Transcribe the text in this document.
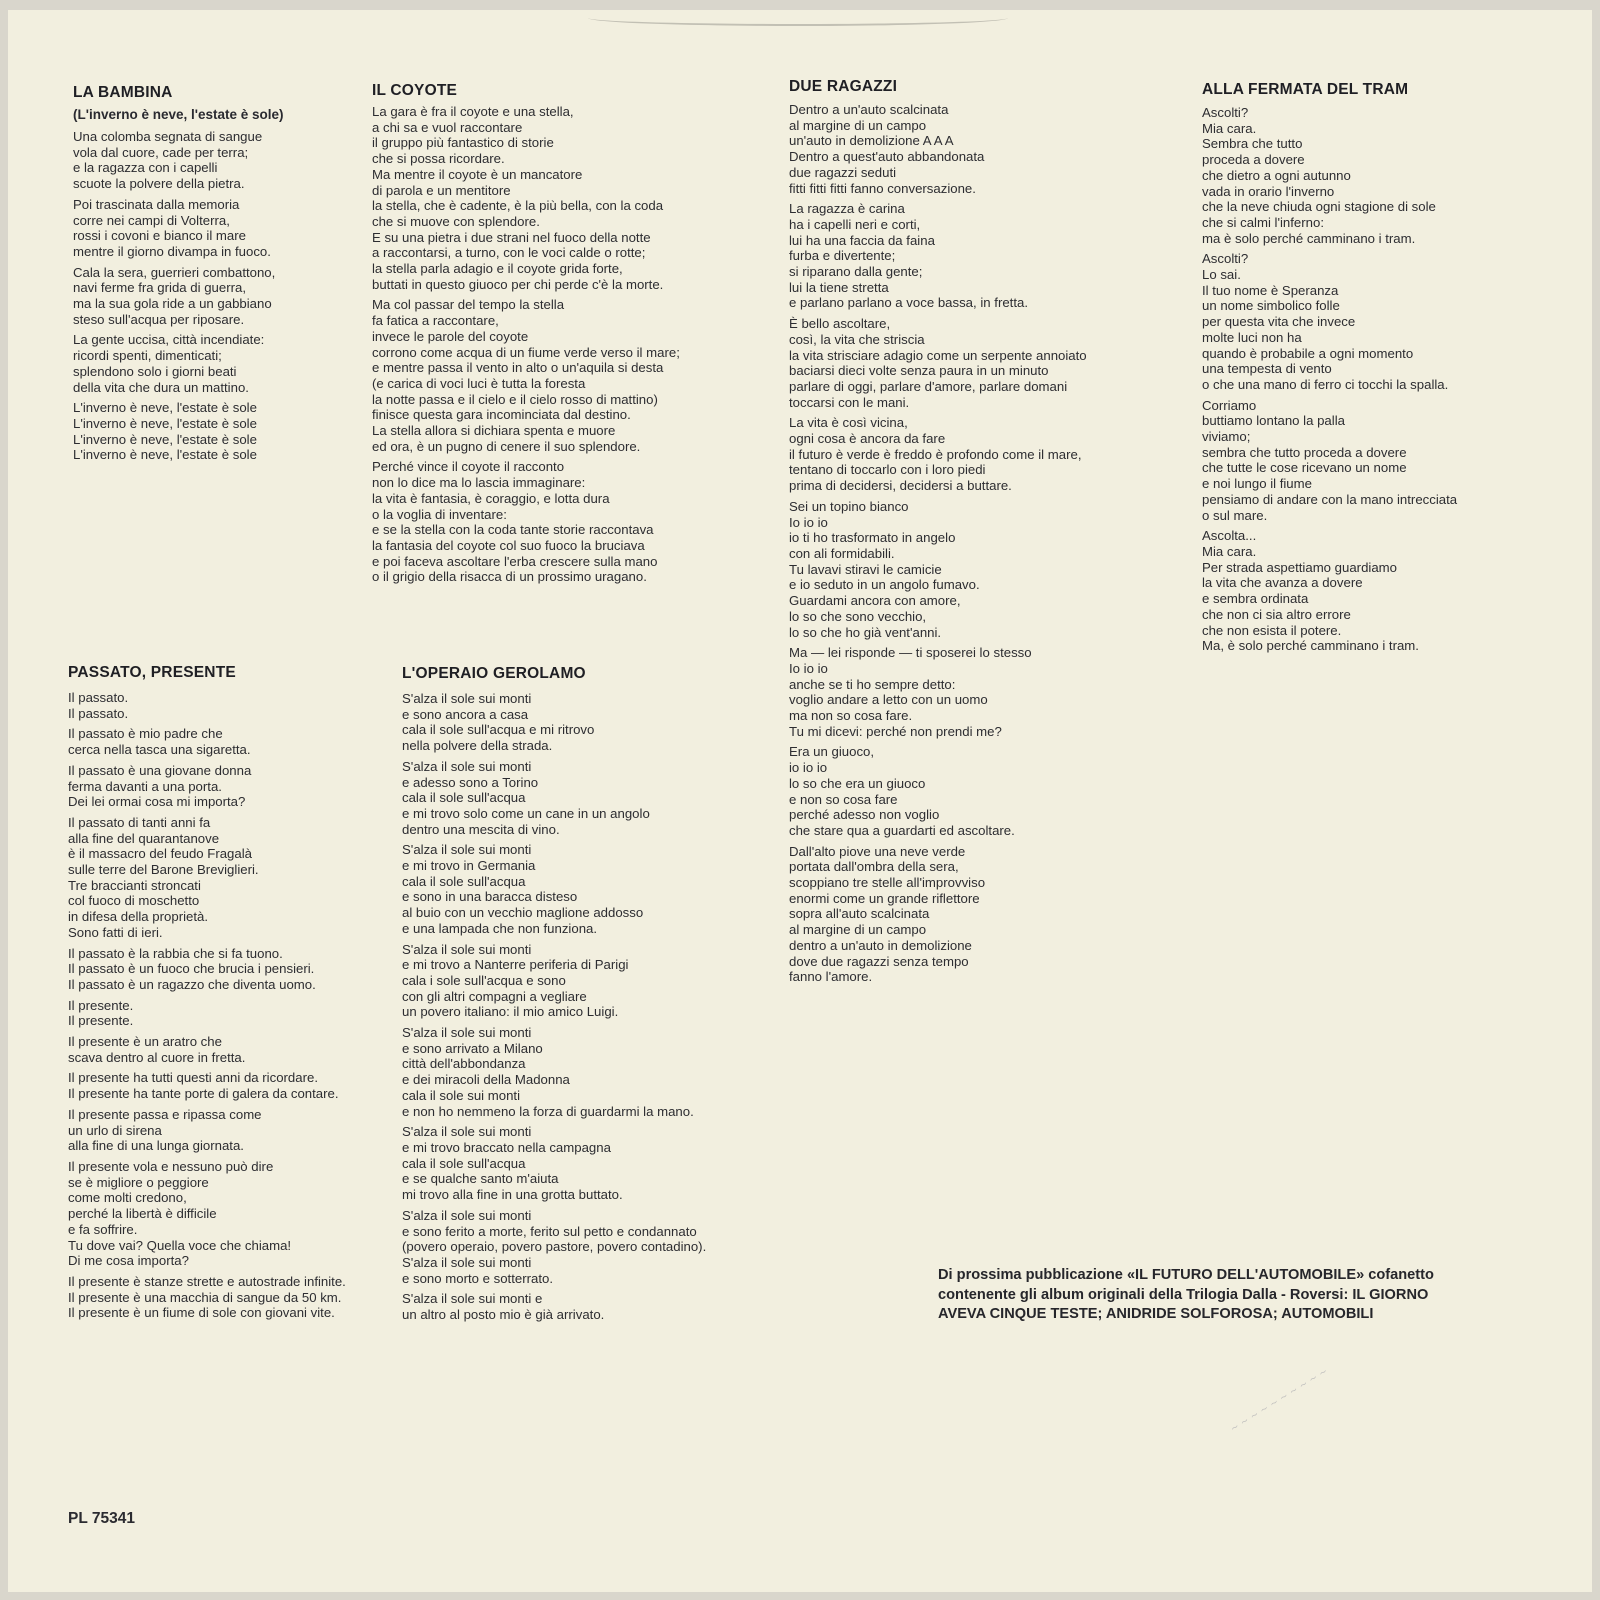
LA BAMBINA
(L'inverno è neve, l'estate è sole)
Una colomba segnata di sangue
vola dal cuore, cade per terra;
e la ragazza con i capelli
scuote la polvere della pietra.
Poi trascinata dalla memoria
corre nei campi di Volterra,
rossi i covoni e bianco il mare
mentre il giorno divampa in fuoco.
Cala la sera, guerrieri combattono,
navi ferme fra grida di guerra,
ma la sua gola ride a un gabbiano
steso sull'acqua per riposare.
La gente uccisa, città incendiate:
ricordi spenti, dimenticati;
splendono solo i giorni beati
della vita che dura un mattino.
L'inverno è neve, l'estate è sole
L'inverno è neve, l'estate è sole
L'inverno è neve, l'estate è sole
L'inverno è neve, l'estate è sole
IL COYOTE
La gara è fra il coyote e una stella,
a chi sa e vuol raccontare
il gruppo più fantastico di storie
che si possa ricordare.
Ma mentre il coyote è un mancatore
di parola e un mentitore
la stella, che è cadente, è la più bella, con la coda
che si muove con splendore.
E su una pietra i due strani nel fuoco della notte
a raccontarsi, a turno, con le voci calde o rotte;
la stella parla adagio e il coyote grida forte,
buttati in questo giuoco per chi perde c'è la morte.
Ma col passar del tempo la stella
fa fatica a raccontare,
invece le parole del coyote
corrono come acqua di un fiume verde verso il mare;
e mentre passa il vento in alto o un'aquila si desta
(e carica di voci luci è tutta la foresta
la notte passa e il cielo e il cielo rosso di mattino)
finisce questa gara incominciata dal destino.
La stella allora si dichiara spenta e muore
ed ora, è un pugno di cenere il suo splendore.
Perché vince il coyote il racconto
non lo dice ma lo lascia immaginare:
la vita è fantasia, è coraggio, e lotta dura
o la voglia di inventare:
e se la stella con la coda tante storie raccontava
la fantasia del coyote col suo fuoco la bruciava
e poi faceva ascoltare l'erba crescere sulla mano
o il grigio della risacca di un prossimo uragano.
DUE RAGAZZI
Dentro a un'auto scalcinata
al margine di un campo
un'auto in demolizione A A A
Dentro a quest'auto abbandonata
due ragazzi seduti
fitti fitti fitti fanno conversazione.
La ragazza è carina
ha i capelli neri e corti,
lui ha una faccia da faina
furba e divertente;
si riparano dalla gente;
lui la tiene stretta
e parlano parlano a voce bassa, in fretta.
È bello ascoltare,
così, la vita che striscia
la vita strisciare adagio come un serpente annoiato
baciarsi dieci volte senza paura in un minuto
parlare di oggi, parlare d'amore, parlare domani
toccarsi con le mani.
La vita è così vicina,
ogni cosa è ancora da fare
il futuro è verde è freddo è profondo come il mare,
tentano di toccarlo con i loro piedi
prima di decidersi, decidersi a buttare.
Sei un topino bianco
Io io io
io ti ho trasformato in angelo
con ali formidabili.
Tu lavavi stiravi le camicie
e io seduto in un angolo fumavo.
Guardami ancora con amore,
lo so che sono vecchio,
lo so che ho già vent'anni.
Ma — lei risponde — ti sposerei lo stesso
Io io io
anche se ti ho sempre detto:
voglio andare a letto con un uomo
ma non so cosa fare.
Tu mi dicevi: perché non prendi me?
Era un giuoco,
io io io
lo so che era un giuoco
e non so cosa fare
perché adesso non voglio
che stare qua a guardarti ed ascoltare.
Dall'alto piove una neve verde
portata dall'ombra della sera,
scoppiano tre stelle all'improvviso
enormi come un grande riflettore
sopra all'auto scalcinata
al margine di un campo
dentro a un'auto in demolizione
dove due ragazzi senza tempo
fanno l'amore.
ALLA FERMATA DEL TRAM
Ascolti?
Mia cara.
Sembra che tutto
proceda a dovere
che dietro a ogni autunno
vada in orario l'inverno
che la neve chiuda ogni stagione di sole
che si calmi l'inferno:
ma è solo perché camminano i tram.
Ascolti?
Lo sai.
Il tuo nome è Speranza
un nome simbolico folle
per questa vita che invece
molte luci non ha
quando è probabile a ogni momento
una tempesta di vento
o che una mano di ferro ci tocchi la spalla.
Corriamo
buttiamo lontano la palla
viviamo;
sembra che tutto proceda a dovere
che tutte le cose ricevano un nome
e noi lungo il fiume
pensiamo di andare con la mano intrecciata
o sul mare.
Ascolta...
Mia cara.
Per strada aspettiamo guardiamo
la vita che avanza a dovere
e sembra ordinata
che non ci sia altro errore
che non esista il potere.
Ma, è solo perché camminano i tram.
PASSATO, PRESENTE
Il passato.
Il passato.
Il passato è mio padre che
cerca nella tasca una sigaretta.
Il passato è una giovane donna
ferma davanti a una porta.
Dei lei ormai cosa mi importa?
Il passato di tanti anni fa
alla fine del quarantanove
è il massacro del feudo Fragalà
sulle terre del Barone Breviglieri.
Tre braccianti stroncati
col fuoco di moschetto
in difesa della proprietà.
Sono fatti di ieri.
Il passato è la rabbia che si fa tuono.
Il passato è un fuoco che brucia i pensieri.
Il passato è un ragazzo che diventa uomo.
Il presente.
Il presente.
Il presente è un aratro che
scava dentro al cuore in fretta.
Il presente ha tutti questi anni da ricordare.
Il presente ha tante porte di galera da contare.
Il presente passa e ripassa come
un urlo di sirena
alla fine di una lunga giornata.
Il presente vola e nessuno può dire
se è migliore o peggiore
come molti credono,
perché la libertà è difficile
e fa soffrire.
Tu dove vai? Quella voce che chiama!
Di me cosa importa?
Il presente è stanze strette e autostrade infinite.
Il presente è una macchia di sangue da 50 km.
Il presente è un fiume di sole con giovani vite.
L'OPERAIO GEROLAMO
S'alza il sole sui monti
e sono ancora a casa
cala il sole sull'acqua e mi ritrovo
nella polvere della strada.
S'alza il sole sui monti
e adesso sono a Torino
cala il sole sull'acqua
e mi trovo solo come un cane in un angolo
dentro una mescita di vino.
S'alza il sole sui monti
e mi trovo in Germania
cala il sole sull'acqua
e sono in una baracca disteso
al buio con un vecchio maglione addosso
e una lampada che non funziona.
S'alza il sole sui monti
e mi trovo a Nanterre periferia di Parigi
cala i sole sull'acqua e sono
con gli altri compagni a vegliare
un povero italiano: il mio amico Luigi.
S'alza il sole sui monti
e sono arrivato a Milano
città dell'abbondanza
e dei miracoli della Madonna
cala il sole sui monti
e non ho nemmeno la forza di guardarmi la mano.
S'alza il sole sui monti
e mi trovo braccato nella campagna
cala il sole sull'acqua
e se qualche santo m'aiuta
mi trovo alla fine in una grotta buttato.
S'alza il sole sui monti
e sono ferito a morte, ferito sul petto e condannato
(povero operaio, povero pastore, povero contadino).
S'alza il sole sui monti
e sono morto e sotterrato.
S'alza il sole sui monti e
un altro al posto mio è già arrivato.
Di prossima pubblicazione «IL FUTURO DELL'AUTOMOBILE» cofanetto
contenente gli album originali della Trilogia Dalla - Roversi: IL GIORNO
AVEVA CINQUE TESTE; ANIDRIDE SOLFOROSA; AUTOMOBILI
PL 75341
~ ~ ~ ~ ~ ~ ~ ~ ~ ~
